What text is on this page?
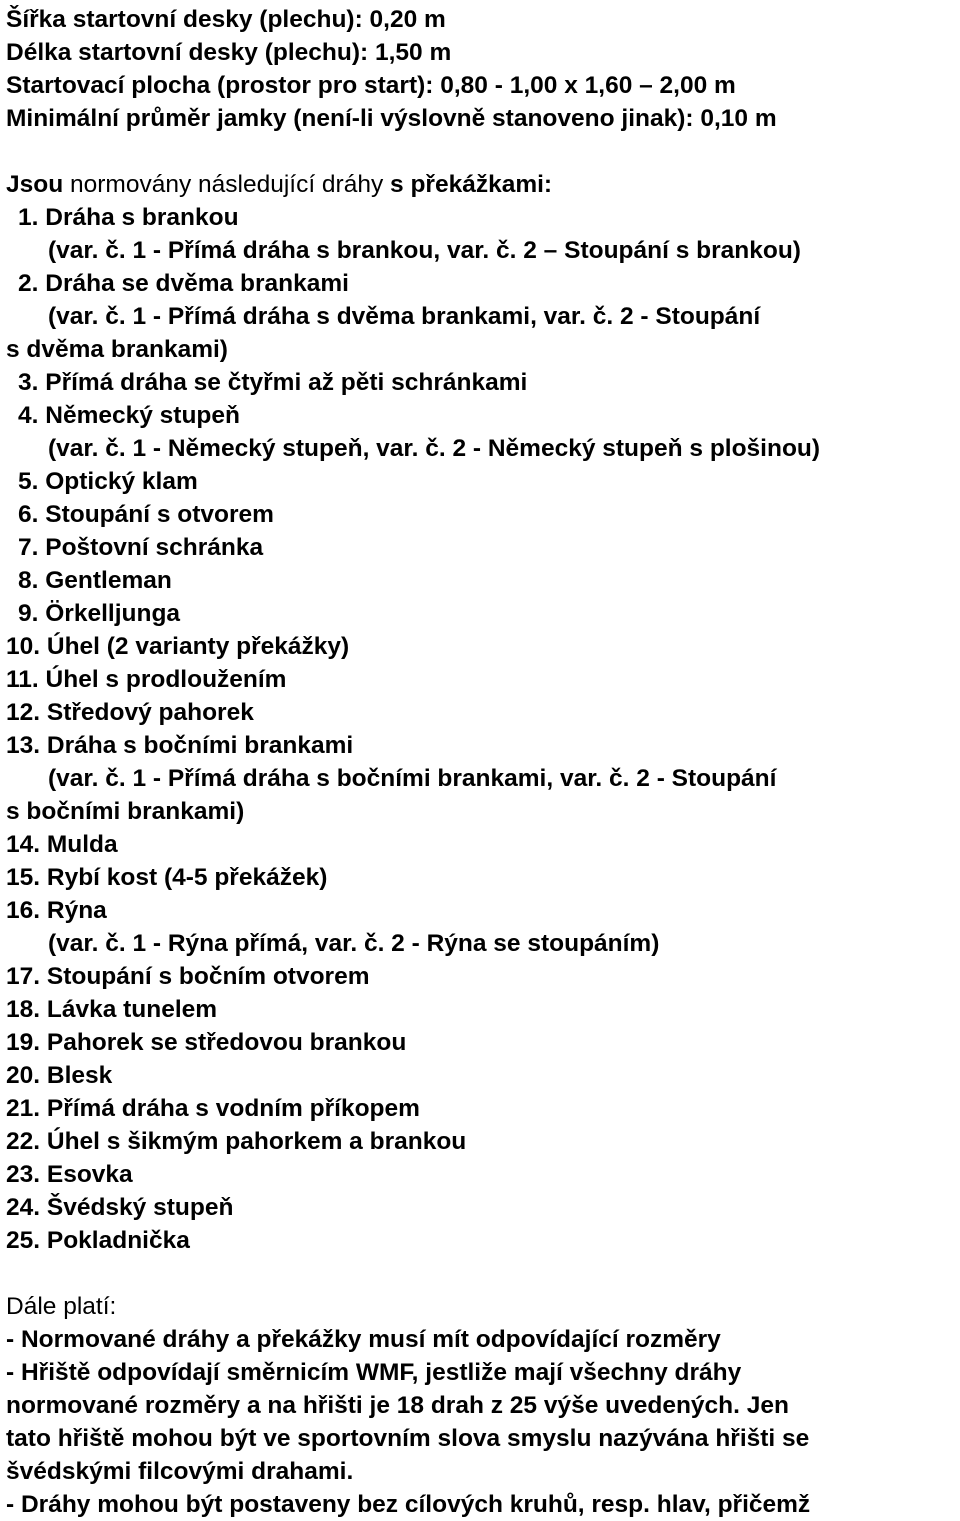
Šířka startovní desky (plechu): 0,20 m
Délka startovní desky (plechu): 1,50 m
Startovací plocha (prostor pro start): 0,80 - 1,00 x 1,60 – 2,00 m
Minimální průměr jamky (není-li výslovně stanoveno jinak): 0,10 m
Jsou normovány následující dráhy s překážkami:
1. Dráha s brankou
(var. č. 1 - Přímá dráha s brankou, var. č. 2 – Stoupání s brankou)
2. Dráha se dvěma brankami
(var. č. 1 - Přímá dráha s dvěma brankami, var. č. 2 - Stoupání
s dvěma brankami)
3. Přímá dráha se čtyřmi až pěti schránkami
4. Německý stupeň
(var. č. 1 - Německý stupeň, var. č. 2 - Německý stupeň s plošinou)
5. Optický klam
6. Stoupání s otvorem
7. Poštovní schránka
8. Gentleman
9. Örkelljunga
10. Úhel (2 varianty překážky)
11. Úhel s prodloužením
12. Středový pahorek
13. Dráha s bočními brankami
(var. č. 1 - Přímá dráha s bočními brankami, var. č. 2 - Stoupání
s bočními brankami)
14. Mulda
15. Rybí kost (4-5 překážek)
16. Rýna
(var. č. 1 - Rýna přímá, var. č. 2 - Rýna se stoupáním)
17. Stoupání s bočním otvorem
18. Lávka tunelem
19. Pahorek se středovou brankou
20. Blesk
21. Přímá dráha s vodním příkopem
22. Úhel s šikmým pahorkem a brankou
23. Esovka
24. Švédský stupeň
25. Pokladnička
Dále platí:
- Normované dráhy a překážky musí mít odpovídající rozměry
- Hřiště odpovídají směrnicím WMF, jestliže mají všechny dráhy
normované rozměry a na hřišti je 18 drah z 25 výše uvedených. Jen
tato hřiště mohou být ve sportovním slova smyslu nazývána hřišti se
švédskými filcovými drahami.
- Dráhy mohou být postaveny bez cílových kruhů, resp. hlav, přičemž
